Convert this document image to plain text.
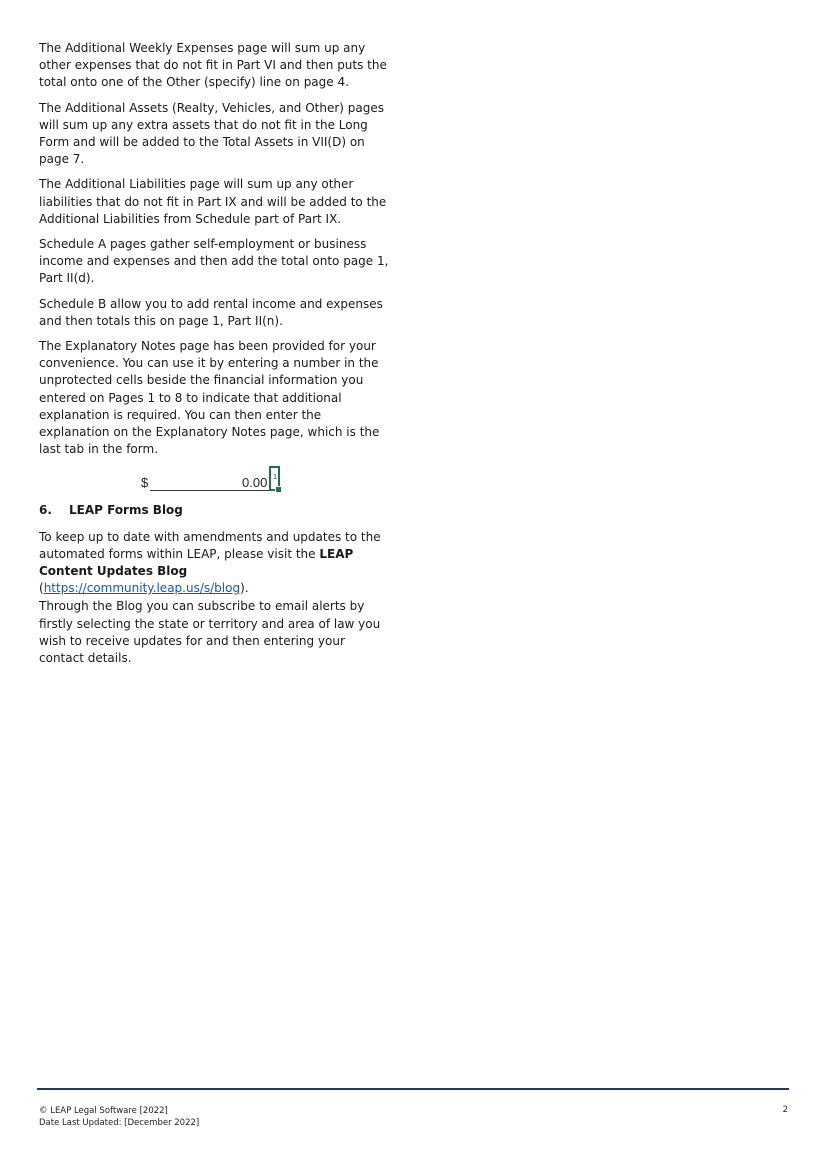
The Additional Weekly Expenses page will sum up any other expenses that do not fit in Part VI and then puts the total onto one of the Other (specify) line on page 4.

The Additional Assets (Realty, Vehicles, and Other) pages will sum up any extra assets that do not fit in the Long Form and will be added to the Total Assets in VII(D) on page 7.

The Additional Liabilities page will sum up any other liabilities that do not fit in Part IX and will be added to the Additional Liabilities from Schedule part of Part IX.

Schedule A pages gather self-employment or business income and expenses and then add the total onto page 1, Part II(d).

Schedule B allow you to add rental income and expenses and then totals this on page 1, Part II(n).

The Explanatory Notes page has been provided for your convenience. You can use it by entering a number in the unprotected cells beside the financial information you entered on Pages 1 to 8 to indicate that additional explanation is required. You can then enter the explanation on the Explanatory Notes page, which is the last tab in the form.

$	0.00 1
6.	LEAP Forms Blog

To keep up to date with amendments and updates to the automated forms within LEAP, please visit the LEAP Content Updates Blog (https://community.leap.us/s/blog).

Through the Blog you can subscribe to email alerts by firstly selecting the state or territory and area of law you wish to receive updates for and then entering your contact details.

© LEAP Legal Software [2022]
Date Last Updated: [December 2022]
2
